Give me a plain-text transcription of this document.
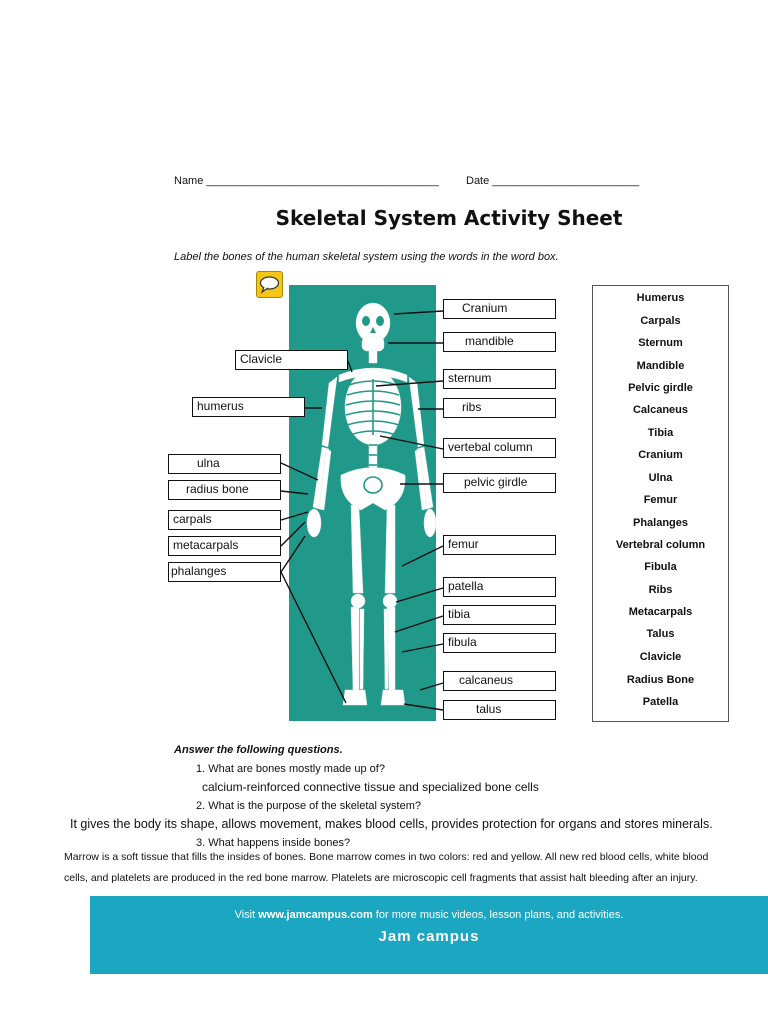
Name ______________________________________ Date ________________________
Skeletal System Activity Sheet
Label the bones of the human skeletal system using the words in the word box.
Cranium
mandible
Clavicle
sternum
humerus	ribs
vertebal column
ulna
pelvic girdle
radius bone
carpals
metacarpals	femur
phalanges
patella
tibia
fibula
calcaneus
talus
Humerus
Carpals
Sternum
Mandible
Pelvic girdle
Calcaneus
Tibia
Cranium
Ulna
Femur
Phalanges
Vertebral column
Fibula
Ribs
Metacarpals
Talus
Clavicle
Radius Bone
Patella
Answer the following questions.
1. What are bones mostly made up of?
calcium-reinforced connective tissue and specialized bone cells
2. What is the purpose of the skeletal system?
It gives the body its shape, allows movement, makes blood cells, provides protection for organs and stores minerals.
3. What happens inside bones?
Marrow is a soft tissue that fills the insides of bones. Bone marrow comes in two colors: red and yellow. All new red blood cells, white blood
cells, and platelets are produced in the red bone marrow. Platelets are microscopic cell fragments that assist halt bleeding after an injury.
Visit www.jamcampus.com for more music videos, lesson plans, and activities.
Jam campus
